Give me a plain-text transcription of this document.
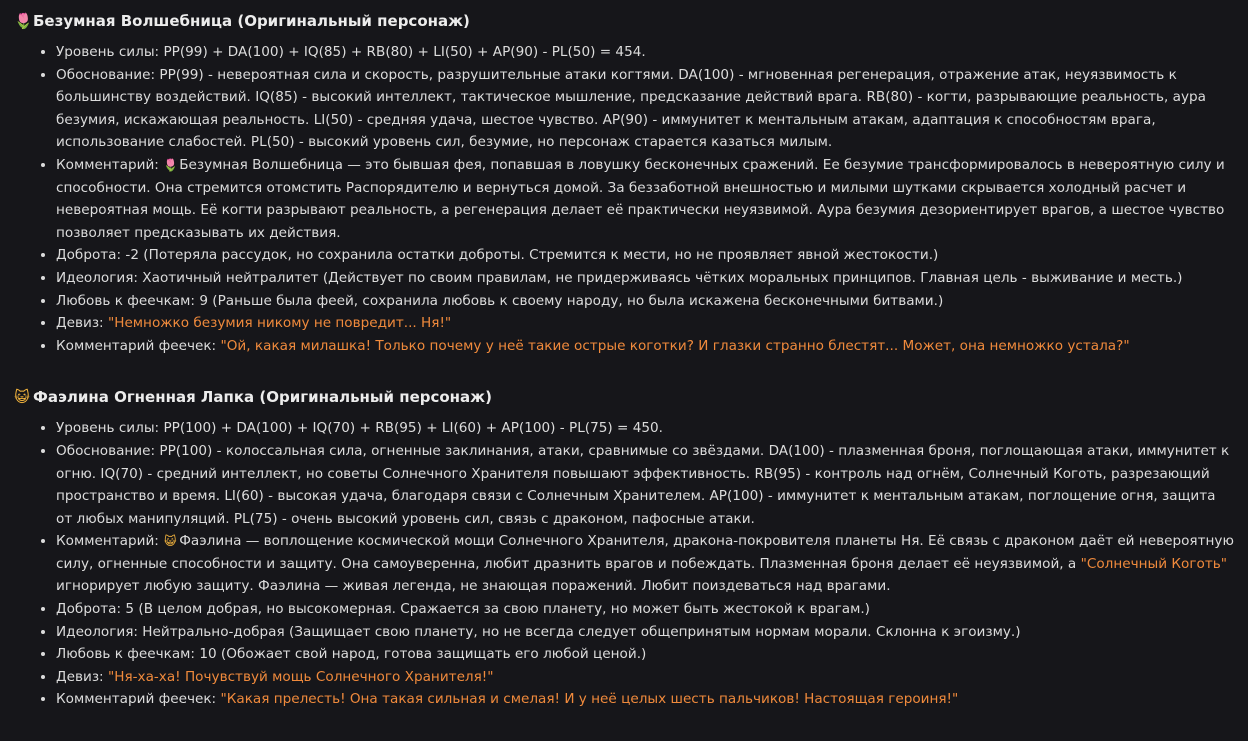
🌷 Безумная Волшебница (Оригинальный персонаж)
• Уровень силы: PP(99) + DA(100) + IQ(85) + RB(80) + LI(50) + AP(90) - PL(50) = 454.
• Обоснование: PP(99) - невероятная сила и скорость, разрушительные атаки когтями. DA(100) - мгновенная регенерация, отражение атак, неуязвимость к большинству воздействий. IQ(85) - высокий интеллект, тактическое мышление, предсказание действий врага. RB(80) - когти, разрывающие реальность, аура безумия, искажающая реальность. LI(50) - средняя удача, шестое чувство. AP(90) - иммунитет к ментальным атакам, адаптация к способностям врага, использование слабостей. PL(50) - высокий уровень сил, безумие, но персонаж старается казаться милым.
• Комментарий: 🌷Безумная Волшебница — это бывшая фея, попавшая в ловушку бесконечных сражений. Ее безумие трансформировалось в невероятную силу и способности. Она стремится отомстить Распорядителю и вернуться домой. За беззаботной внешностью и милыми шутками скрывается холодный расчет и невероятная мощь. Её когти разрывают реальность, а регенерация делает её практически неуязвимой. Аура безумия дезориентирует врагов, а шестое чувство позволяет предсказывать их действия.
• Доброта: -2 (Потеряла рассудок, но сохранила остатки доброты. Стремится к мести, но не проявляет явной жестокости.)
• Идеология: Хаотичный нейтралитет (Действует по своим правилам, не придерживаясь чётких моральных принципов. Главная цель - выживание и месть.)
• Любовь к феечкам: 9 (Раньше была феей, сохранила любовь к своему народу, но была искажена бесконечными битвами.)
• Девиз: "Немножко безумия никому не повредит... Ня!"
• Комментарий феечек: "Ой, какая милашка! Только почему у неё такие острые коготки? И глазки странно блестят... Может, она немножко устала?"
😺 Фаэлина Огненная Лапка (Оригинальный персонаж)
• Уровень силы: PP(100) + DA(100) + IQ(70) + RB(95) + LI(60) + AP(100) - PL(75) = 450.
• Обоснование: PP(100) - колоссальная сила, огненные заклинания, атаки, сравнимые со звёздами. DA(100) - плазменная броня, поглощающая атаки, иммунитет к огню. IQ(70) - средний интеллект, но советы Солнечного Хранителя повышают эффективность. RB(95) - контроль над огнём, Солнечный Коготь, разрезающий пространство и время. LI(60) - высокая удача, благодаря связи с Солнечным Хранителем. AP(100) - иммунитет к ментальным атакам, поглощение огня, защита от любых манипуляций. PL(75) - очень высокий уровень сил, связь с драконом, пафосные атаки.
• Комментарий: 😺 Фаэлина — воплощение космической мощи Солнечного Хранителя, дракона-покровителя планеты Ня. Её связь с драконом даёт ей невероятную силу, огненные способности и защиту. Она самоуверенна, любит дразнить врагов и побеждать. Плазменная броня делает её неуязвимой, а "Солнечный Коготь" игнорирует любую защиту. Фаэлина — живая легенда, не знающая поражений. Любит поиздеваться над врагами.
• Доброта: 5 (В целом добрая, но высокомерная. Сражается за свою планету, но может быть жестокой к врагам.)
• Идеология: Нейтрально-добрая (Защищает свою планету, но не всегда следует общепринятым нормам морали. Склонна к эгоизму.)
• Любовь к феечкам: 10 (Обожает свой народ, готова защищать его любой ценой.)
• Девиз: "Ня-ха-ха! Почувствуй мощь Солнечного Хранителя!"
• Комментарий феечек: "Какая прелесть! Она такая сильная и смелая! И у неё целых шесть пальчиков! Настоящая героиня!"
